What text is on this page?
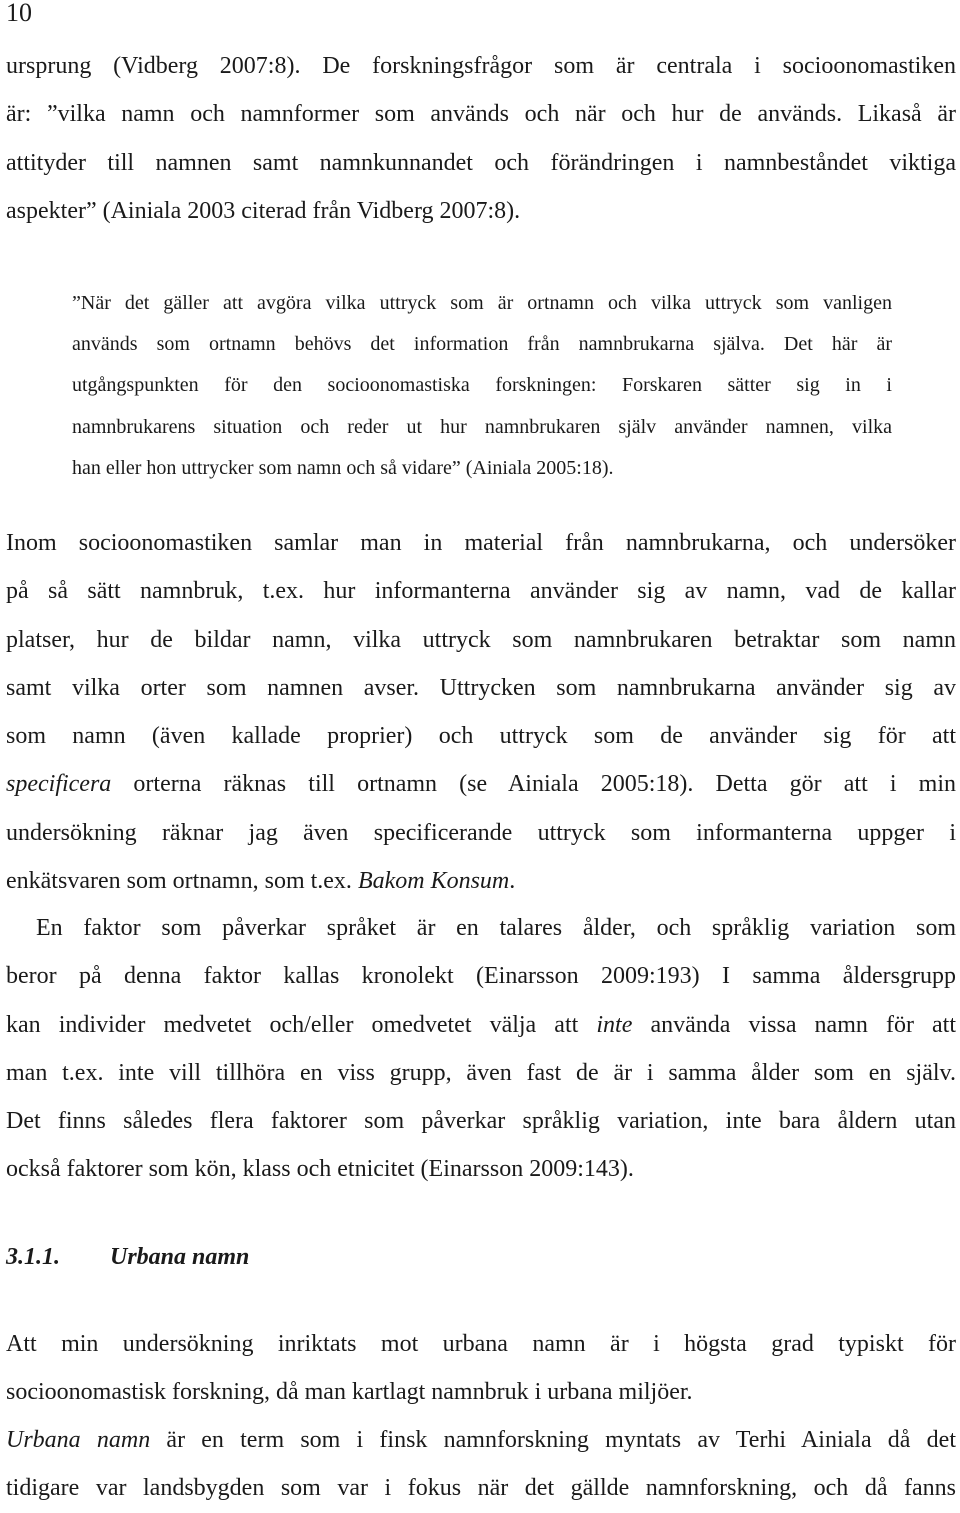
10

ursprung (Vidberg 2007:8). De forskningsfrågor som är centrala i socioonomastiken
är: ”vilka namn och namnformer som används och när och hur de används. Likaså är
attityder till namnen samt namnkunnandet och förändringen i namnbeståndet viktiga
aspekter” (Ainiala 2003 citerad från Vidberg 2007:8).
”När det gäller att avgöra vilka uttryck som är ortnamn och vilka uttryck som vanligen
används som ortnamn behövs det information från namnbrukarna själva. Det här är
utgångspunkten för den socioonomastiska forskningen: Forskaren sätter sig in i
namnbrukarens situation och reder ut hur namnbrukaren själv använder namnen, vilka
han eller hon uttrycker som namn och så vidare” (Ainiala 2005:18).
Inom socioonomastiken samlar man in material från namnbrukarna, och undersöker
på så sätt namnbruk, t.ex. hur informanterna använder sig av namn, vad de kallar
platser, hur de bildar namn, vilka uttryck som namnbrukaren betraktar som namn
samt vilka orter som namnen avser. Uttrycken som namnbrukarna använder sig av
som namn (även kallade proprier) och uttryck som de använder sig för att
specificera orterna räknas till ortnamn (se Ainiala 2005:18). Detta gör att i min
undersökning räknar jag även specificerande uttryck som informanterna uppger i
enkätsvaren som ortnamn, som t.ex. Bakom Konsum.
En faktor som påverkar språket är en talares ålder, och språklig variation som
beror på denna faktor kallas kronolekt (Einarsson 2009:193) I samma åldersgrupp
kan individer medvetet och/eller omedvetet välja att inte använda vissa namn för att
man t.ex. inte vill tillhöra en viss grupp, även fast de är i samma ålder som en själv.
Det finns således flera faktorer som påverkar språklig variation, inte bara åldern utan
också faktorer som kön, klass och etnicitet (Einarsson 2009:143).
3.1.1. Urbana namn
Att min undersökning inriktats mot urbana namn är i högsta grad typiskt för
socioonomastisk forskning, då man kartlagt namnbruk i urbana miljöer.
Urbana namn är en term som i finsk namnforskning myntats av Terhi Ainiala då det
tidigare var landsbygden som var i fokus när det gällde namnforskning, och då fanns
